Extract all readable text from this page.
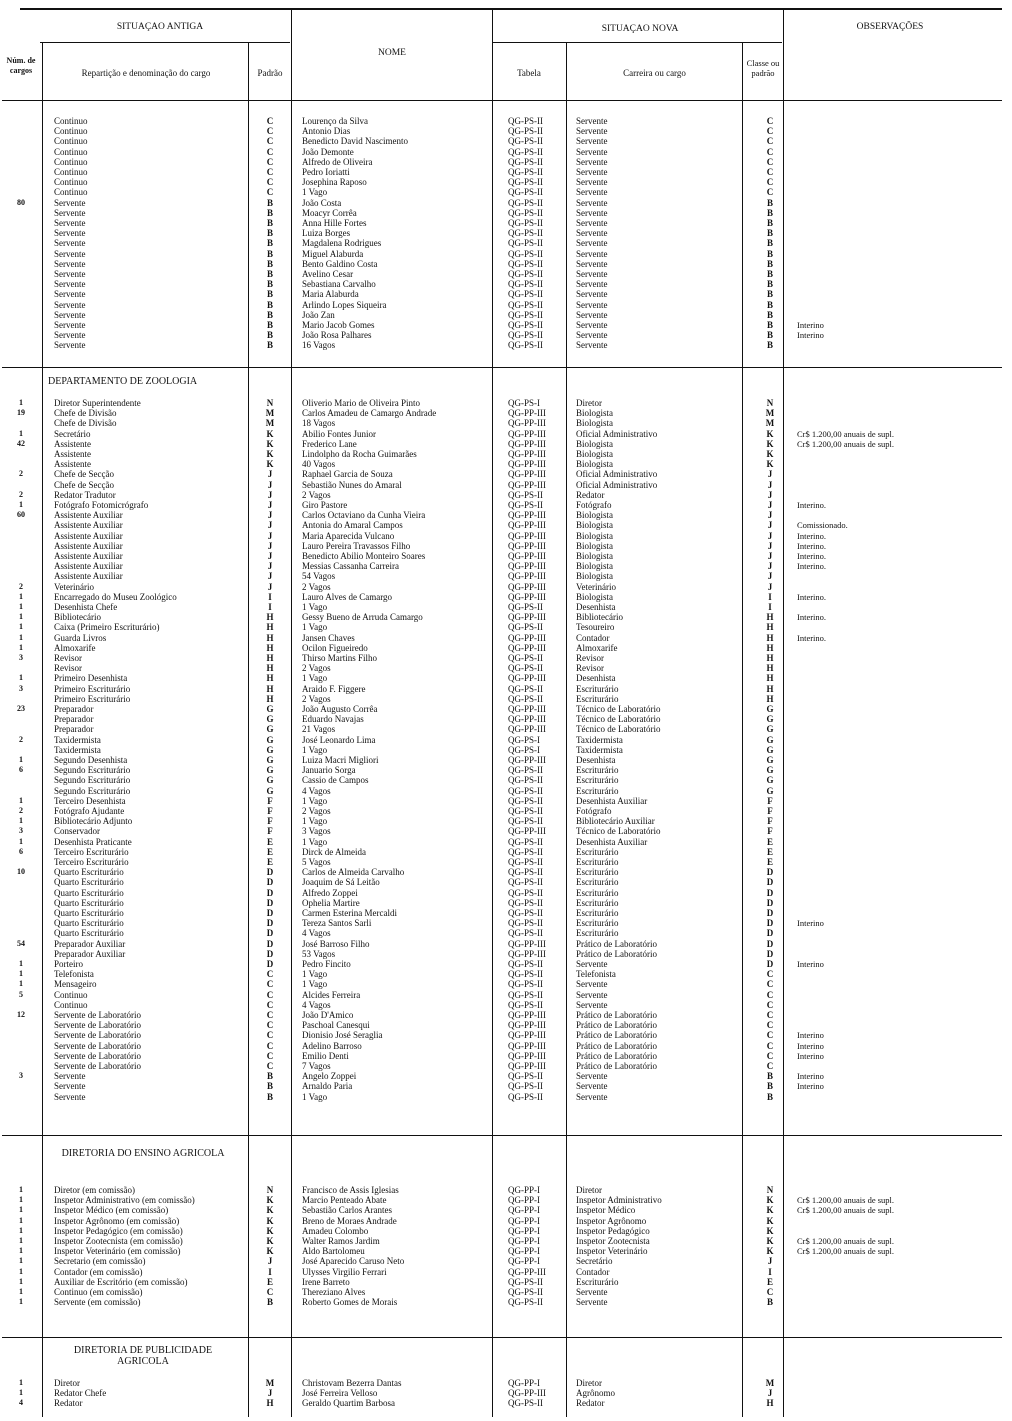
SITUAÇAO ANTIGA
NOME
SITUAÇAO NOVA	OBSERVAÇÕES
Núm. de cargos	Repartição e denominação do cargo	Padrão	Tabela	Carreira ou cargo
Classe ou padrão
Continuo	C	Lourenço da Silva	QG-PS-II	Servente	C
Continuo	C	Antonio Dias	QG-PS-II	Servente	C
Continuo	C	Benedicto David Nascimento	QG-PS-II	Servente	C
Continuo	C	João Demonte	QG-PS-II	Servente	C
Continuo	C	Alfredo de Oliveira	QG-PS-II	Servente	C
Continuo	C	Pedro Ioriatti	QG-PS-II	Servente	C
Continuo	C	Josephina Raposo	QG-PS-II	Servente	C
Continuo	C	1 Vago	QG-PS-II	Servente	C
80	Servente	B	João Costa	QG-PS-II	Servente	B
Servente	B	Moacyr Corrêa	QG-PS-II	Servente	B
Servente	B	Anna Hille Fortes	QG-PS-II	Servente	B
Servente	B	Luiza Borges	QG-PS-II	Servente	B
Servente	B	Magdalena Rodrigues	QG-PS-II	Servente	B
Servente	B	Miguel Alaburda	QG-PS-II	Servente	B
Servente	B	Bento Galdino Costa	QG-PS-II	Servente	B
Servente	B	Avelino Cesar	QG-PS-II	Servente	B
Servente	B	Sebastiana Carvalho	QG-PS-II	Servente	B
Servente	B	Maria Alaburda	QG-PS-II	Servente	B
Servente	B	Arlindo Lopes Siqueira	QG-PS-II	Servente	B
Servente	B	João Zan	QG-PS-II	Servente	B
Servente	B	Mario Jacob Gomes	QG-PS-II	Servente	B	Interino
Servente	B	João Rosa Palhares	QG-PS-II	Servente	B	Interino
Servente	B	16 Vagos	QG-PS-II	Servente	B
DEPARTAMENTO DE ZOOLOGIA
1	Diretor Superintendente	N	Oliverio Mario de Oliveira Pinto	QG-PS-I	Diretor	N
19	Chefe de Divisão	M	Carlos Amadeu de Camargo Andrade	QG-PP-III	Biologista	M
Chefe de Divisão	M	18 Vagos	QG-PP-III	Biologista	M
1	Secretário	K	Abilio Fontes Junior	QG-PP-III	Oficial Administrativo	K	Cr$ 1.200,00 anuais de supl.
42	Assistente	K	Frederico Lane	QG-PP-III	Biologista	K	Cr$ 1.200,00 anuais de supl.
Assistente	K	Lindolpho da Rocha Guimarães	QG-PP-III	Biologista	K
Assistente	K	40 Vagos	QG-PP-III	Biologista	K
2	Chefe de Secção	J	Raphael Garcia de Souza	QG-PP-III	Oficial Administrativo	J
Chefe de Secção	J	Sebastião Nunes do Amaral	QG-PP-III	Oficial Administrativo	J
2	Redator Tradutor	J	2 Vagos	QG-PS-II	Redator	J
1	Fotógrafo Fotomicrógrafo	J	Giro Pastore	QG-PS-II	Fotógrafo	J	Interino.
60	Assistente Auxiliar	J	Carlos Octaviano da Cunha Vieira	QG-PP-III	Biologista	J
Assistente Auxiliar	J	Antonia do Amaral Campos	QG-PP-III	Biologista	J	Comissionado.
Assistente Auxiliar	J	Maria Aparecida Vulcano	QG-PP-III	Biologista	J	Interino.
Assistente Auxiliar	J	Lauro Pereira Travassos Filho	QG-PP-III	Biologista	J	Interino.
Assistente Auxiliar	J	Benedicto Abilio Monteiro Soares	QG-PP-III	Biologista	J	Interino.
Assistente Auxiliar	J	Messias Cassanha Carreira	QG-PP-III	Biologista	J	Interino.
Assistente Auxiliar	J	54 Vagos	QG-PP-III	Biologista	J
2	Veterinário	J	2 Vagos	QG-PP-III	Veterinário	J
1	Encarregado do Museu Zoológico	I	Lauro Alves de Camargo	QG-PP-III	Biologista	I	Interino.
1	Desenhista Chefe	I	1 Vago	QG-PS-II	Desenhista	I
1	Bibliotecário	H	Gessy Bueno de Arruda Camargo	QG-PP-III	Bibliotecário	H	Interino.
1	Caixa (Primeiro Escriturário)	H	1 Vago	QG-PS-II	Tesoureiro	H
1	Guarda Livros	H	Jansen Chaves	QG-PP-III	Contador	H	Interino.
1	Almoxarife	H	Ocilon Figueiredo	QG-PP-III	Almoxarife	H
3	Revisor	H	Thirso Martins Filho	QG-PS-II	Revisor	H
Revisor	H	2 Vagos	QG-PS-II	Revisor	H
1	Primeiro Desenhista	H	1 Vago	QG-PP-III	Desenhista	H
3	Primeiro Escriturário	H	Araido F. Figgere	QG-PS-II	Escriturário	H
Primeiro Escriturário	H	2 Vagos	QG-PS-II	Escriturário	H
23	Preparador	G	João Augusto Corrêa	QG-PP-III	Técnico de Laboratório	G
Preparador	G	Eduardo Navajas	QG-PP-III	Técnico de Laboratório	G
Preparador	G	21 Vagos	QG-PP-III	Técnico de Laboratório	G
2	Taxidermista	G	José Leonardo Lima	QG-PS-I	Taxidermista	G
Taxidermista	G	1 Vago	QG-PS-I	Taxidermista	G
1	Segundo Desenhista	G	Luiza Macri Migliori	QG-PP-III	Desenhista	G
6	Segundo Escriturário	G	Januario Sorga	QG-PS-II	Escriturário	G
Segundo Escriturário	G	Cassio de Campos	QG-PS-II	Escriturário	G
Segundo Escriturário	G	4 Vagos	QG-PS-II	Escriturário	G
1	Terceiro Desenhista	F	1 Vago	QG-PS-II	Desenhista Auxiliar	F
2	Fotógrafo Ajudante	F	2 Vagos	QG-PS-II	Fotógrafo	F
1	Bibliotecário Adjunto	F	1 Vago	QG-PS-II	Bibliotecário Auxiliar	F
3	Conservador	F	3 Vagos	QG-PP-III	Técnico de Laboratório	F
1	Desenhista Praticante	E	1 Vago	QG-PS-II	Desenhista Auxiliar	E
6	Terceiro Escriturário	E	Dirck de Almeida	QG-PS-II	Escriturário	E
Terceiro Escriturário	E	5 Vagos	QG-PS-II	Escriturário	E
10	Quarto Escriturário	D	Carlos de Almeida Carvalho	QG-PS-II	Escriturário	D
Quarto Escriturário	D	Joaquim de Sá Leitão	QG-PS-II	Escriturário	D
Quarto Escriturário	D	Alfredo Zoppei	QG-PS-II	Escriturário	D
Quarto Escriturário	D	Ophelia Martire	QG-PS-II	Escriturário	D
Quarto Escriturário	D	Carmen Esterina Mercaldi	QG-PS-II	Escriturário	D
Quarto Escriturário	D	Tereza Santos Sarli	QG-PS-II	Escriturário	D	Interino
Quarto Escriturário	D	4 Vagos	QG-PS-II	Escriturário	D
54	Preparador Auxiliar	D	José Barroso Filho	QG-PP-III	Prático de Laboratório	D
Preparador Auxiliar	D	53 Vagos	QG-PP-III	Prático de Laboratório	D
1	Porteiro	D	Pedro Fincito	QG-PS-II	Servente	D	Interino
1	Telefonista	C	1 Vago	QG-PS-II	Telefonista	C
1	Mensageiro	C	1 Vago	QG-PS-II	Servente	C
5	Continuo	C	Alcides Ferreira	QG-PS-II	Servente	C
Continuo	C	4 Vagos	QG-PS-II	Servente	C
12	Servente de Laboratório	C	João D'Amico	QG-PP-III	Prático de Laboratório	C
Servente de Laboratório	C	Paschoal Canesqui	QG-PP-III	Prático de Laboratório	C
Servente de Laboratório	C	Dionisio José Seraglia	QG-PP-III	Prático de Laboratório	C	Interino
Servente de Laboratório	C	Adelino Barroso	QG-PP-III	Prático de Laboratório	C	Interino
Servente de Laboratório	C	Emilio Denti	QG-PP-III	Prático de Laboratório	C	Interino
Servente de Laboratório	C	7 Vagos	QG-PP-III	Prático de Laboratório	C
3	Servente	B	Angelo Zoppei	QG-PS-II	Servente	B	Interino
Servente	B	Arnaldo Paria	QG-PS-II	Servente	B	Interino
Servente	B	1 Vago	QG-PS-II	Servente	B
DIRETORIA DO ENSINO AGRICOLA
1	Diretor (em comissão)	N	Francisco de Assis Iglesias	QG-PP-I	Diretor	N
1	Inspetor Administrativo (em comissão)	K	Marcio Penteado Abate	QG-PP-I	Inspetor Administrativo	K	Cr$ 1.200,00 anuais de supl.
1	Inspetor Médico (em comissão)	K	Sebastião Carlos Arantes	QG-PP-I	Inspetor Médico	K	Cr$ 1.200,00 anuais de supl.
1	Inspetor Agrônomo (em comissão)	K	Breno de Moraes Andrade	QG-PP-I	Inspetor Agrônomo	K
1	Inspetor Pedagógico (em comissão)	K	Amadeu Colombo	QG-PP-I	Inspetor Pedagógico	K
1	Inspetor Zootecnista (em comissão)	K	Walter Ramos Jardim	QG-PP-I	Inspetor Zootecnista	K	Cr$ 1.200,00 anuais de supl.
1	Inspetor Veterinário (em comissão)	K	Aldo Bartolomeu	QG-PP-I	Inspetor Veterinário	K	Cr$ 1.200,00 anuais de supl.
1	Secretario (em comissão)	J	José Aparecido Caruso Neto	QG-PP-I	Secretário	J
1	Contador (em comissão)	I	Ulysses Virgilio Ferrari	QG-PP-III	Contador	I
1	Auxiliar de Escritório (em comissão)	E	Irene Barreto	QG-PS-II	Escriturário	E
1	Continuo (em comissão)	C	Thereziano Alves	QG-PS-II	Servente	C
1	Servente (em comissão)	B	Roberto Gomes de Morais	QG-PS-II	Servente	B
DIRETORIA DE PUBLICIDADE AGRICOLA
1	Diretor	M	Christovam Bezerra Dantas	QG-PP-I	Diretor	M
1	Redator Chefe	J	José Ferreira Velloso	QG-PP-III	Agrônomo	J
4	Redator	H	Geraldo Quartim Barbosa	QG-PS-II	Redator	H
